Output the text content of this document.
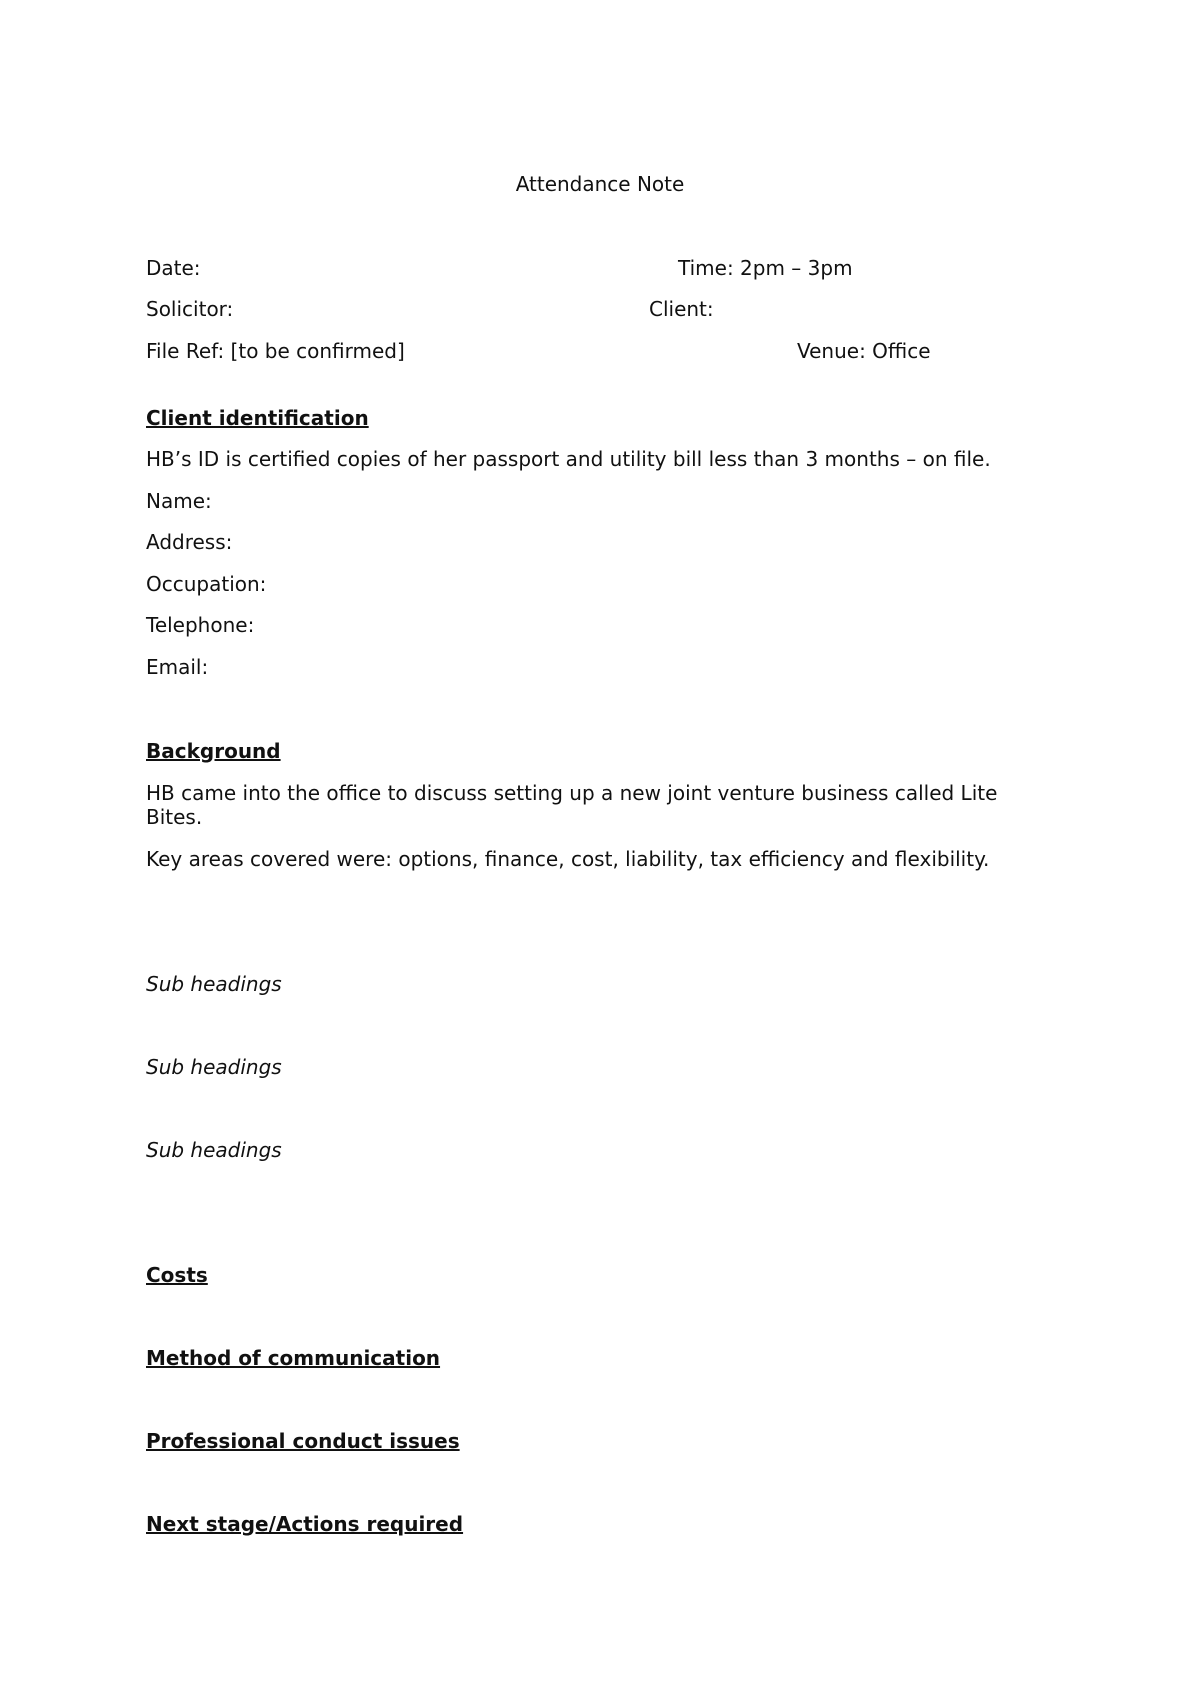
Attendance Note
Date:	Time: 2pm – 3pm
Solicitor:	Client:
File Ref: [to be confirmed]	Venue: Office
Client identification
HB’s ID is certified copies of her passport and utility bill less than 3 months – on file.
Name:
Address:
Occupation:
Telephone:
Email:
Background
HB came into the office to discuss setting up a new joint venture business called Lite Bites.
Key areas covered were: options, finance, cost, liability, tax efficiency and flexibility.
Sub headings
Sub headings
Sub headings
Costs
Method of communication
Professional conduct issues
Next stage/Actions required
